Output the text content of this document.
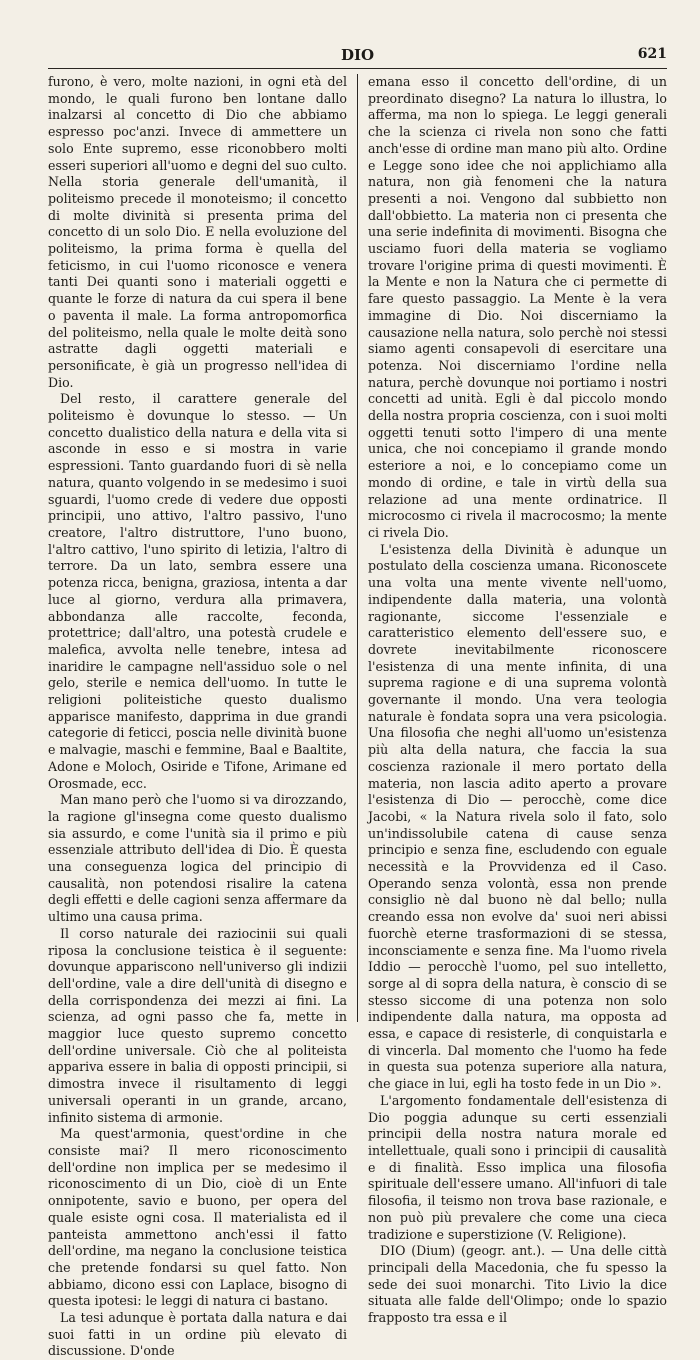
DIO	621

furono, è vero, molte nazioni, in ogni età del mondo, le quali furono ben lontane dallo inalzarsi al concetto di Dio che abbiamo espresso poc'anzi. Invece di ammettere un solo Ente supremo, esse riconobbero molti esseri superiori all'uomo e degni del suo culto. Nella storia generale dell'umanità, il politeismo precede il monoteismo; il concetto di molte divinità si presenta prima del concetto di un solo Dio. E nella evoluzione del politeismo, la prima forma è quella del feticismo, in cui l'uomo riconosce e venera tanti Dei quanti sono i materiali oggetti e quante le forze di natura da cui spera il bene o paventa il male. La forma antropomorfica del politeismo, nella quale le molte deità sono astratte dagli oggetti materiali e personificate, è già un progresso nell'idea di Dio.

Del resto, il carattere generale del politeismo è dovunque lo stesso. — Un concetto dualistico della natura e della vita si asconde in esso e si mostra in varie espressioni. Tanto guardando fuori di sè nella natura, quanto volgendo in se medesimo i suoi sguardi, l'uomo crede di vedere due opposti principii, uno attivo, l'altro passivo, l'uno creatore, l'altro distruttore, l'uno buono, l'altro cattivo, l'uno spirito di letizia, l'altro di terrore. Da un lato, sembra essere una potenza ricca, benigna, graziosa, intenta a dar luce al giorno, verdura alla primavera, abbondanza alle raccolte, feconda, protettrice; dall'altro, una potestà crudele e malefica, avvolta nelle tenebre, intesa ad inaridire le campagne nell'assiduo sole o nel gelo, sterile e nemica dell'uomo. In tutte le religioni politeistiche questo dualismo apparisce manifesto, dapprima in due grandi categorie di feticci, poscia nelle divinità buone e malvagie, maschi e femmine, Baal e Baaltite, Adone e Moloch, Osiride e Tifone, Arimane ed Orosmade, ecc.

Man mano però che l'uomo si va dirozzando, la ragione gl'insegna come questo dualismo sia assurdo, e come l'unità sia il primo e più essenziale attributo dell'idea di Dio. È questa una conseguenza logica del principio di causalità, non potendosi risalire la catena degli effetti e delle cagioni senza affermare da ultimo una causa prima.

Il corso naturale dei raziocinii sui quali riposa la conclusione teistica è il seguente: dovunque appariscono nell'universo gli indizii dell'ordine, vale a dire dell'unità di disegno e della corrispondenza dei mezzi ai fini. La scienza, ad ogni passo che fa, mette in maggior luce questo supremo concetto dell'ordine universale. Ciò che al politeista appariva essere in balia di opposti principii, si dimostra invece il risultamento di leggi universali operanti in un grande, arcano, infinito sistema di armonie.

Ma quest'armonia, quest'ordine in che consiste mai? Il mero riconoscimento dell'ordine non implica per se medesimo il riconoscimento di un Dio, cioè di un Ente onnipotente, savio e buono, per opera del quale esiste ogni cosa. Il materialista ed il panteista ammettono anch'essi il fatto dell'ordine, ma negano la conclusione teistica che pretende fondarsi su quel fatto. Non abbiamo, dicono essi con Laplace, bisogno di questa ipotesi: le leggi di natura ci bastano.

La tesi adunque è portata dalla natura e dai suoi fatti in un ordine più elevato di discussione. D'onde

emana esso il concetto dell'ordine, di un preordinato disegno? La natura lo illustra, lo afferma, ma non lo spiega. Le leggi generali che la scienza ci rivela non sono che fatti anch'esse di ordine man mano più alto. Ordine e Legge sono idee che noi applichiamo alla natura, non già fenomeni che la natura presenti a noi. Vengono dal subbietto non dall'obbietto. La materia non ci presenta che una serie indefinita di movimenti. Bisogna che usciamo fuori della materia se vogliamo trovare l'origine prima di questi movimenti. È la Mente e non la Natura che ci permette di fare questo passaggio. La Mente è la vera immagine di Dio. Noi discerniamo la causazione nella natura, solo perchè noi stessi siamo agenti consapevoli di esercitare una potenza. Noi discerniamo l'ordine nella natura, perchè dovunque noi portiamo i nostri concetti ad unità. Egli è dal piccolo mondo della nostra propria coscienza, con i suoi molti oggetti tenuti sotto l'impero di una mente unica, che noi concepiamo il grande mondo esteriore a noi, e lo concepiamo come un mondo di ordine, e tale in virtù della sua relazione ad una mente ordinatrice. Il microcosmo ci rivela il macrocosmo; la mente ci rivela Dio.

L'esistenza della Divinità è adunque un postulato della coscienza umana. Riconoscete una volta una mente vivente nell'uomo, indipendente dalla materia, una volontà ragionante, siccome l'essenziale e caratteristico elemento dell'essere suo, e dovrete inevitabilmente riconoscere l'esistenza di una mente infinita, di una suprema ragione e di una suprema volontà governante il mondo. Una vera teologia naturale è fondata sopra una vera psicologia. Una filosofia che neghi all'uomo un'esistenza più alta della natura, che faccia la sua coscienza razionale il mero portato della materia, non lascia adito aperto a provare l'esistenza di Dio — perocchè, come dice Jacobi, « la Natura rivela solo il fato, solo un'indissolubile catena di cause senza principio e senza fine, escludendo con eguale necessità e la Provvidenza ed il Caso. Operando senza volontà, essa non prende consiglio nè dal buono nè dal bello; nulla creando essa non evolve da' suoi neri abissi fuorchè eterne trasformazioni di se stessa, inconsciamente e senza fine. Ma l'uomo rivela Iddio — perocchè l'uomo, pel suo intelletto, sorge al di sopra della natura, è conscio di se stesso siccome di una potenza non solo indipendente dalla natura, ma opposta ad essa, e capace di resisterle, di conquistarla e di vincerla. Dal momento che l'uomo ha fede in questa sua potenza superiore alla natura, che giace in lui, egli ha tosto fede in un Dio ».

L'argomento fondamentale dell'esistenza di Dio poggia adunque su certi essenziali principii della nostra natura morale ed intellettuale, quali sono i principii di causalità e di finalità. Esso implica una filosofia spirituale dell'essere umano. All'infuori di tale filosofia, il teismo non trova base razionale, e non può più prevalere che come una cieca tradizione e superstizione (V. Religione).

DIO (Dium) (geogr. ant.). — Una delle città principali della Macedonia, che fu spesso la sede dei suoi monarchi. Tito Livio la dice situata alle falde dell'Olimpo; onde lo spazio frapposto tra essa e il
